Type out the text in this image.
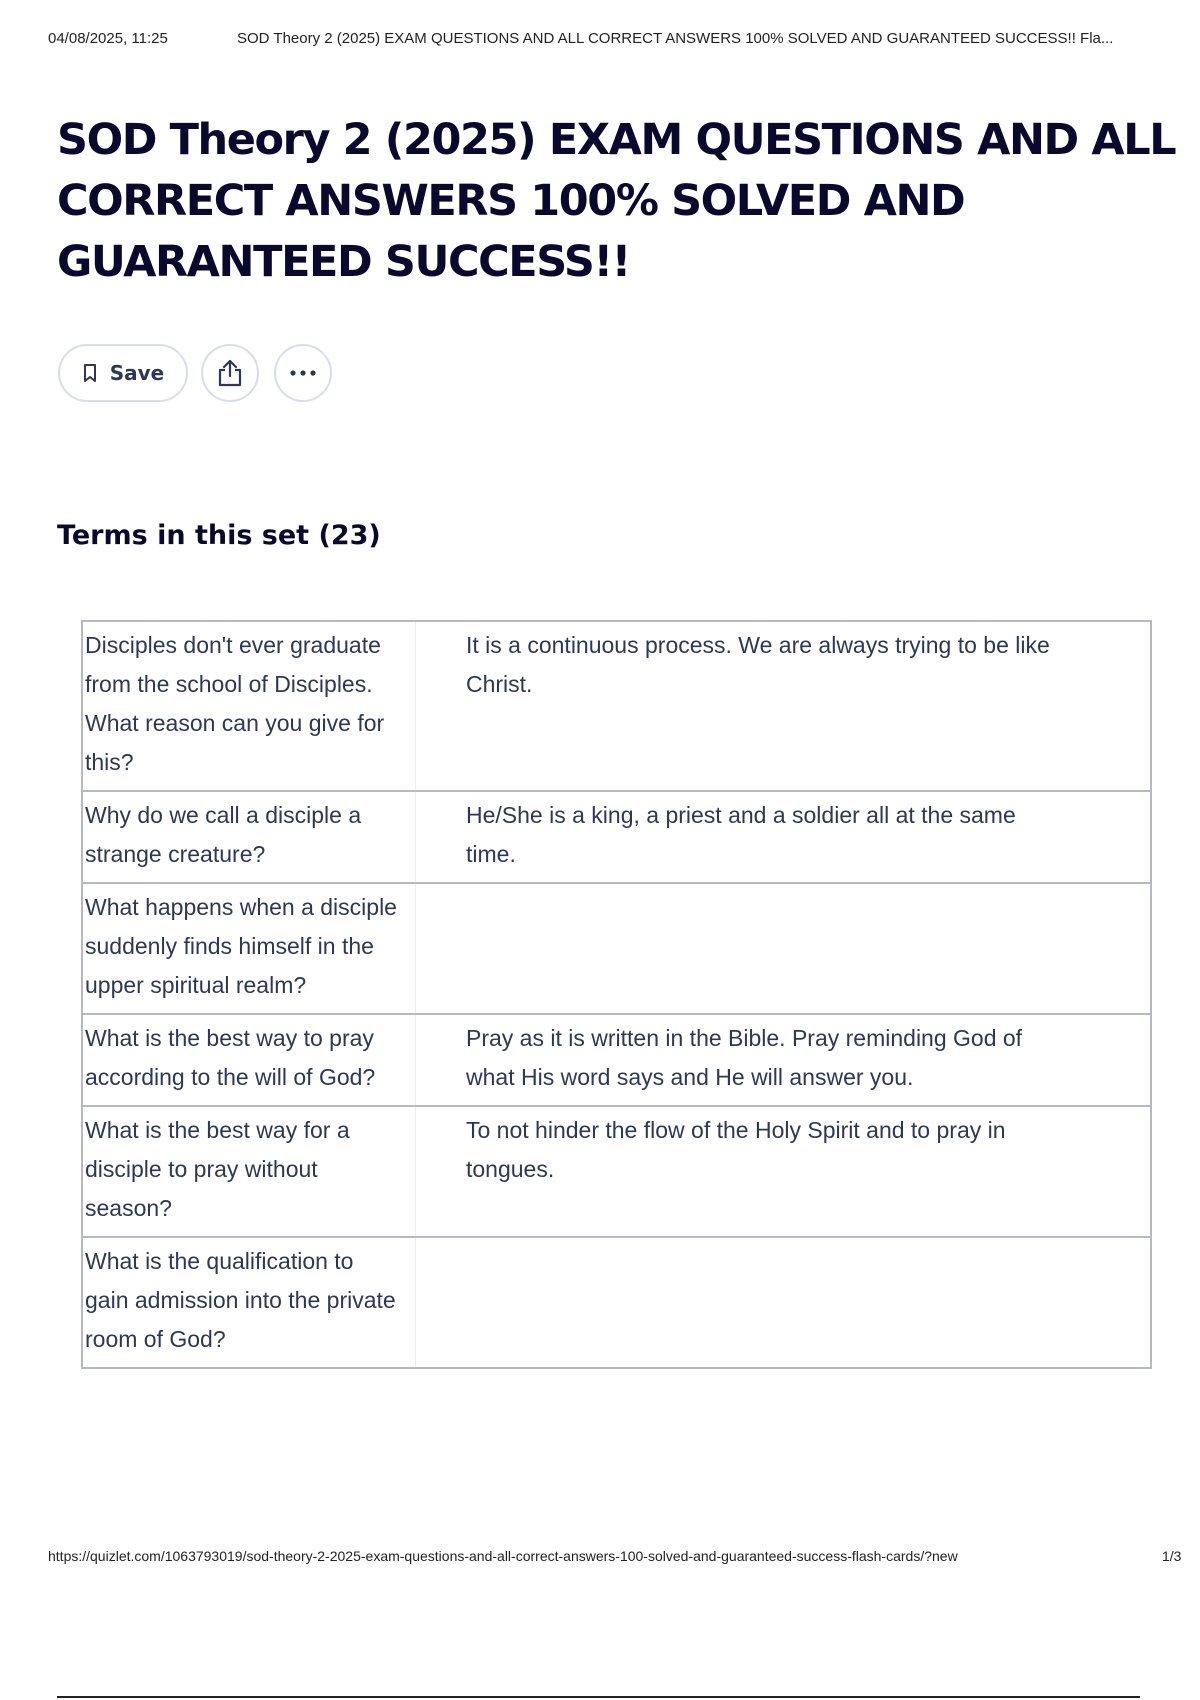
04/08/2025, 11:25	SOD Theory 2 (2025) EXAM QUESTIONS AND ALL CORRECT ANSWERS 100% SOLVED AND GUARANTEED SUCCESS!! Fla...
SOD Theory 2 (2025) EXAM QUESTIONS AND ALL CORRECT ANSWERS 100% SOLVED AND GUARANTEED SUCCESS!!
Save
Terms in this set (23)
Disciples don't ever graduate from the school of Disciples. What reason can you give for this?	It is a continuous process. We are always trying to be like Christ.
Why do we call a disciple a strange creature?	He/She is a king, a priest and a soldier all at the same time.
What happens when a disciple suddenly finds himself in the upper spiritual realm?	
What is the best way to pray according to the will of God?	Pray as it is written in the Bible. Pray reminding God of what His word says and He will answer you.
What is the best way for a disciple to pray without season?	To not hinder the flow of the Holy Spirit and to pray in tongues.
What is the qualification to gain admission into the private room of God?	
https://quizlet.com/1063793019/sod-theory-2-2025-exam-questions-and-all-correct-answers-100-solved-and-guaranteed-success-flash-cards/?new	1/3
